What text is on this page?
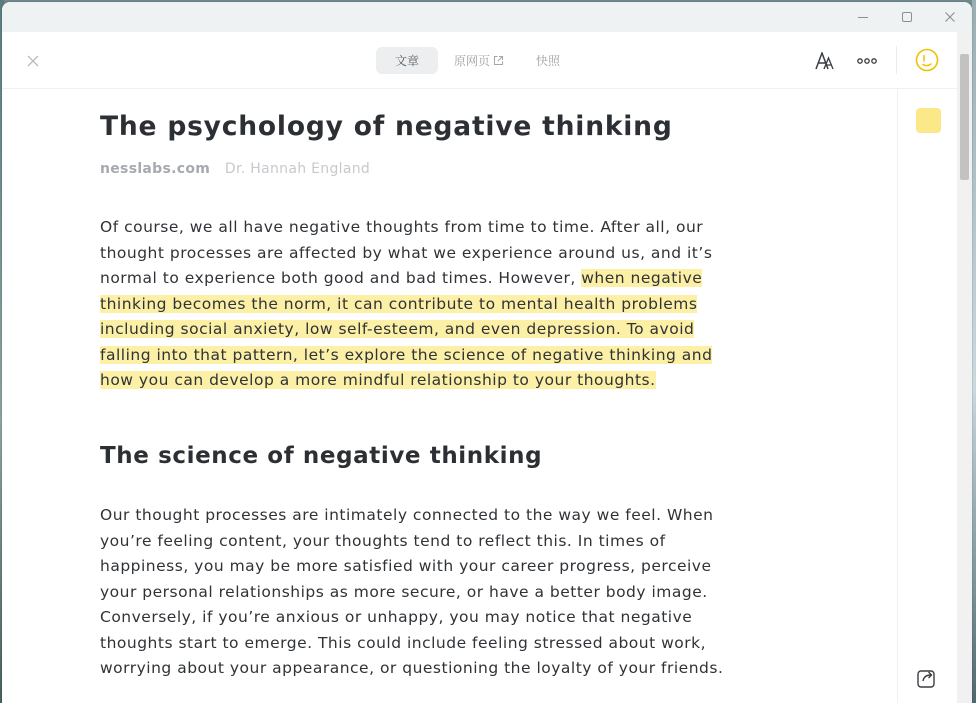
文章	原网页	快照
The psychology of negative thinking
nesslabs.com Dr. Hannah England
Of course, we all have negative thoughts from time to time. After all, our
thought processes are affected by what we experience around us, and it’s
normal to experience both good and bad times. However, when negative
thinking becomes the norm, it can contribute to mental health problems
including social anxiety, low self-esteem, and even depression. To avoid
falling into that pattern, let’s explore the science of negative thinking and
how you can develop a more mindful relationship to your thoughts.
The science of negative thinking
Our thought processes are intimately connected to the way we feel. When
you’re feeling content, your thoughts tend to reflect this. In times of
happiness, you may be more satisfied with your career progress, perceive
your personal relationships as more secure, or have a better body image.
Conversely, if you’re anxious or unhappy, you may notice that negative
thoughts start to emerge. This could include feeling stressed about work,
worrying about your appearance, or questioning the loyalty of your friends.
